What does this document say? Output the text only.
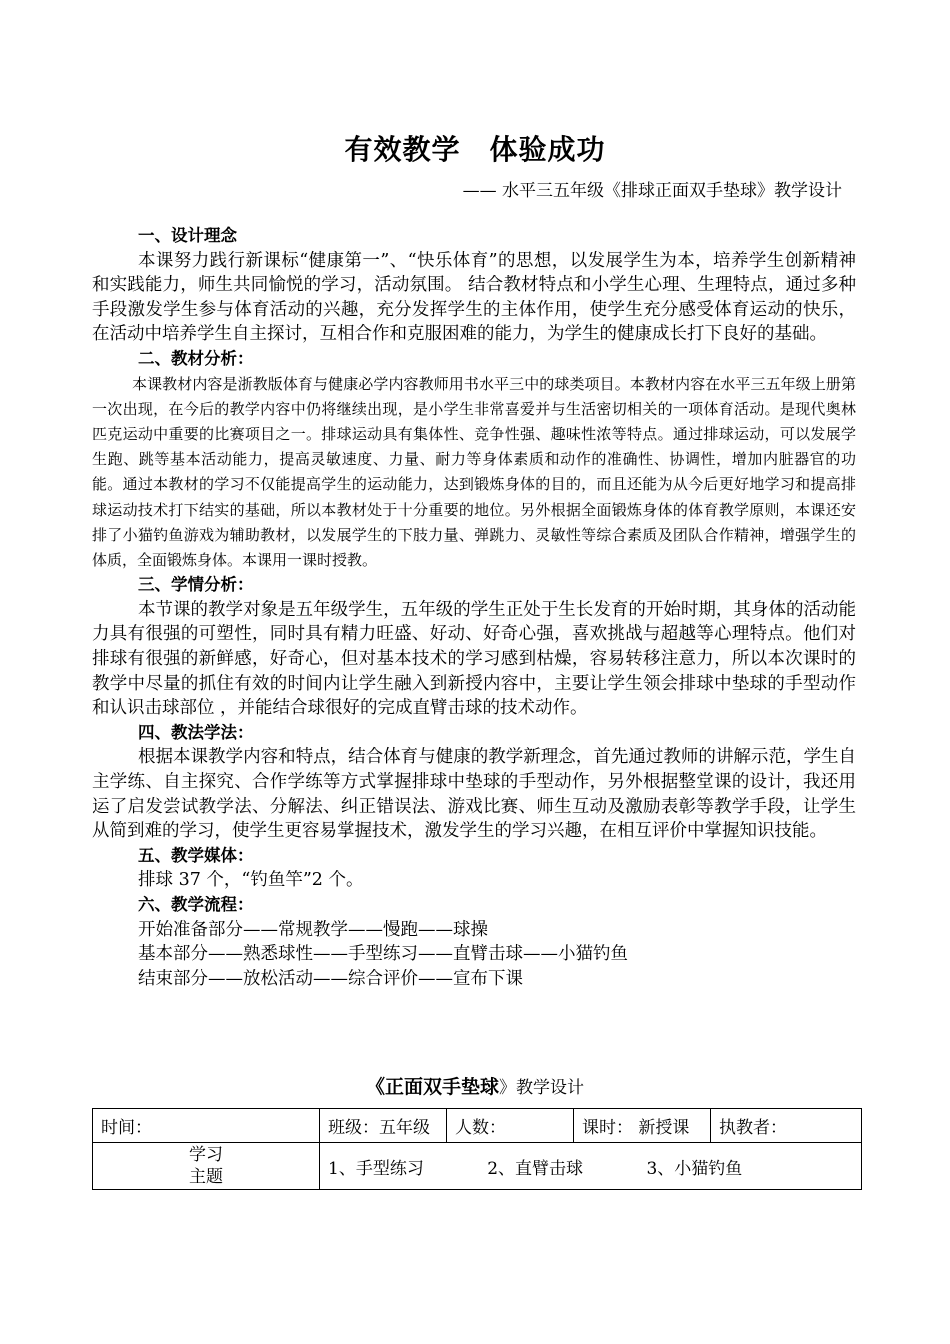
有效教学　体验成功
—— 水平三五年级《排球正面双手垫球》教学设计
一、设计理念

本课努力践行新课标“健康第一”、“快乐体育”的思想，以发展学生为本，培养学生创新精神和实践能力，师生共同愉悦的学习，活动氛围。 结合教材特点和小学生心理、生理特点，通过多种手段激发学生参与体育活动的兴趣，充分发挥学生的主体作用，使学生充分感受体育运动的快乐，在活动中培养学生自主探讨，互相合作和克服困难的能力，为学生的健康成长打下良好的基础。

二、教材分析：

本课教材内容是浙教版体育与健康必学内容教师用书水平三中的球类项目。本教材内容在水平三五年级上册第一次出现，在今后的教学内容中仍将继续出现，是小学生非常喜爱并与生活密切相关的一项体育活动。是现代奥林匹克运动中重要的比赛项目之一。排球运动具有集体性、竞争性强、趣味性浓等特点。通过排球运动，可以发展学生跑、跳等基本活动能力，提高灵敏速度、力量、耐力等身体素质和动作的准确性、协调性，增加内脏器官的功能。通过本教材的学习不仅能提高学生的运动能力，达到锻炼身体的目的，而且还能为从今后更好地学习和提高排球运动技术打下结实的基础，所以本教材处于十分重要的地位。另外根据全面锻炼身体的体育教学原则，本课还安排了小猫钓鱼游戏为辅助教材，以发展学生的下肢力量、弹跳力、灵敏性等综合素质及团队合作精神，增强学生的体质，全面锻炼身体。本课用一课时授教。

三、学情分析：

本节课的教学对象是五年级学生，五年级的学生正处于生长发育的开始时期，其身体的活动能力具有很强的可塑性，同时具有精力旺盛、好动、好奇心强，喜欢挑战与超越等心理特点。他们对排球有很强的新鲜感，好奇心，但对基本技术的学习感到枯燥，容易转移注意力，所以本次课时的教学中尽量的抓住有效的时间内让学生融入到新授内容中，主要让学生领会排球中垫球的手型动作和认识击球部位 ，并能结合球很好的完成直臂击球的技术动作。

四、教法学法：

根据本课教学内容和特点，结合体育与健康的教学新理念，首先通过教师的讲解示范，学生自主学练、自主探究、合作学练等方式掌握排球中垫球的手型动作，另外根据整堂课的设计，我还用运了启发尝试教学法、分解法、纠正错误法、游戏比赛、师生互动及激励表彰等教学手段，让学生从简到难的学习，使学生更容易掌握技术，激发学生的学习兴趣，在相互评价中掌握知识技能。

五、教学媒体：
排球 37 个，“钓鱼竿”2 个。
六、教学流程：
开始准备部分——常规教学——慢跑——球操
基本部分——熟悉球性——手型练习——直臂击球——小猫钓鱼
结束部分——放松活动——综合评价——宣布下课
《正面双手垫球》教学设计
时间：	班级：五年级	人数：	课时： 新授课	执教者：

学习
主题	1、手型练习 2、直臂击球 3、小猫钓鱼			
